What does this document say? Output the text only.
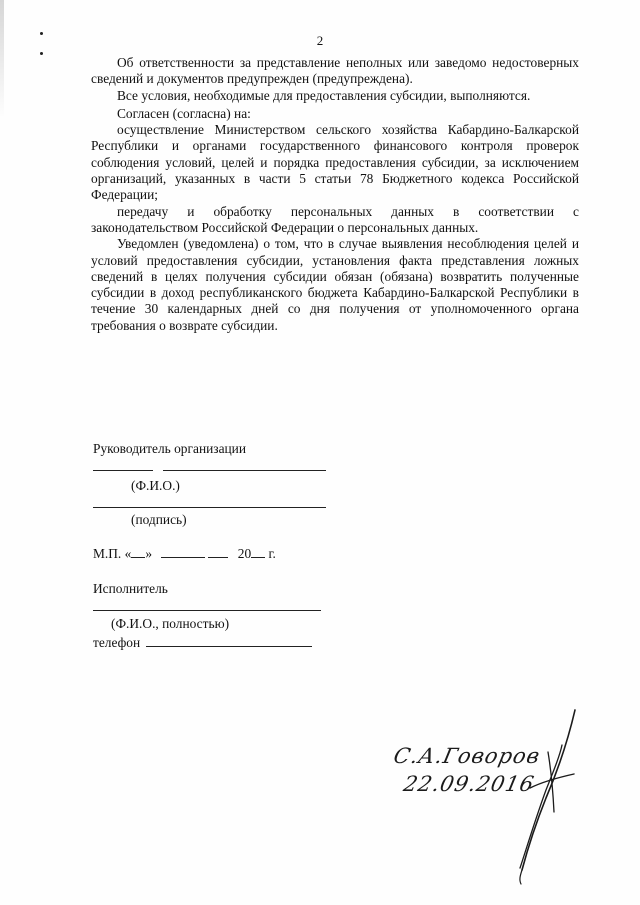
2

Об ответственности за представление неполных или заведомо недостоверных сведений и документов предупрежден (предупреждена).

Все условия, необходимые для предоставления субсидии, выполняются.

Согласен (согласна) на:

осуществление Министерством сельского хозяйства Кабардино-Балкарской Республики и органами государственного финансового контроля проверок соблюдения условий, целей и порядка предоставления субсидии, за исключением организаций, указанных в части 5 статьи 78 Бюджетного кодекса Российской Федерации;

передачу и обработку персональных данных в соответствии с законодательством Российской Федерации о персональных данных.

Уведомлен (уведомлена) о том, что в случае выявления несоблюдения целей и условий предоставления субсидии, установления факта представления ложных сведений в целях получения субсидии обязан (обязана) возвратить полученные субсидии в доход республиканского бюджета Кабардино-Балкарской Республики в течение 30 календарных дней со дня получения от уполномоченного органа требования о возврате субсидии.

Руководитель организации
(Ф.И.О.)
(подпись)
М.П. « »	20 г.
Исполнитель
(Ф.И.О., полностью)
телефон
С.А.Говоров
22.09.2016
